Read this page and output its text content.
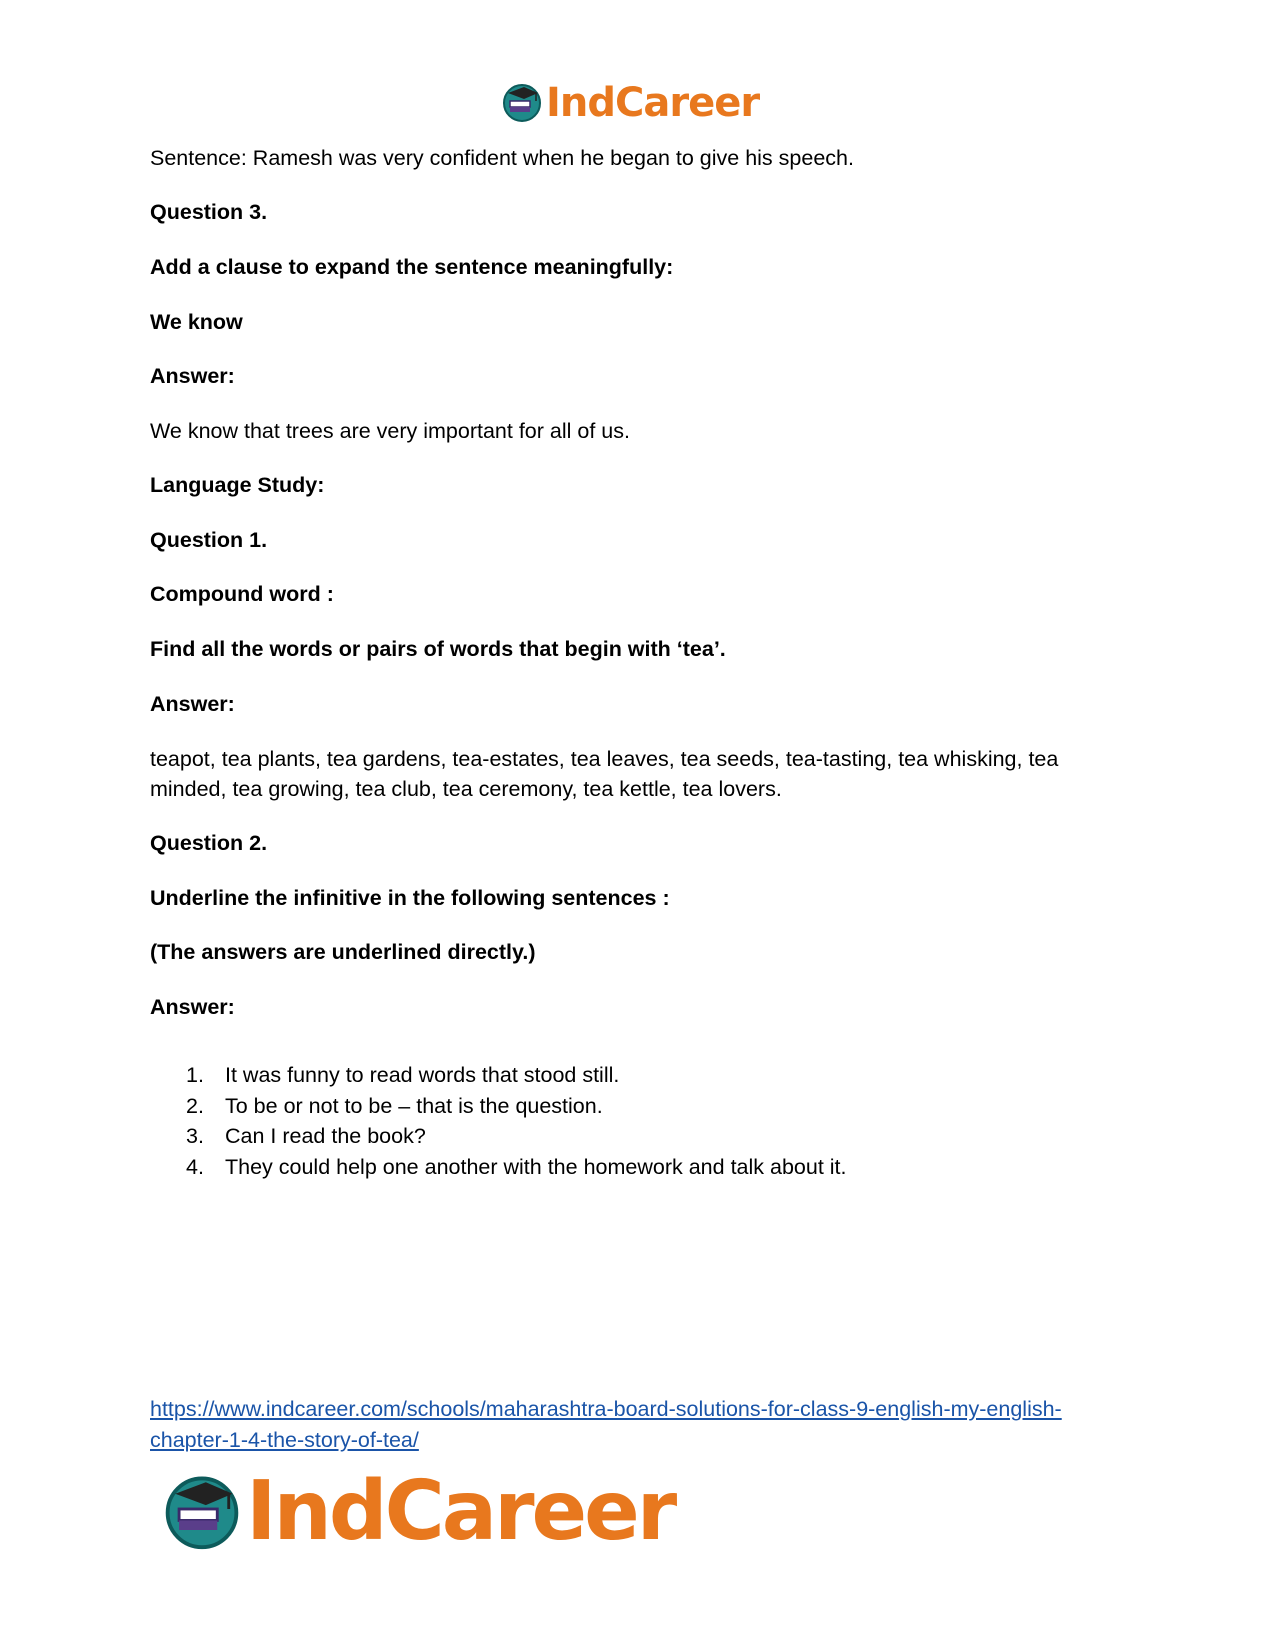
IndCareer
Sentence: Ramesh was very confident when he began to give his speech.
Question 3.
Add a clause to expand the sentence meaningfully:
We know
Answer:
We know that trees are very important for all of us.
Language Study:
Question 1.
Compound word :
Find all the words or pairs of words that begin with ‘tea’.
Answer:
teapot, tea plants, tea gardens, tea-estates, tea leaves, tea seeds, tea-tasting, tea whisking, tea
minded, tea growing, tea club, tea ceremony, tea kettle, tea lovers.
Question 2.
Underline the infinitive in the following sentences :
(The answers are underlined directly.)
Answer:
1. It was funny to read words that stood still.
2. To be or not to be – that is the question.
3. Can I read the book?
4. They could help one another with the homework and talk about it.
https://www.indcareer.com/schools/maharashtra-board-solutions-for-class-9-english-my-english-
chapter-1-4-the-story-of-tea/
IndCareer
